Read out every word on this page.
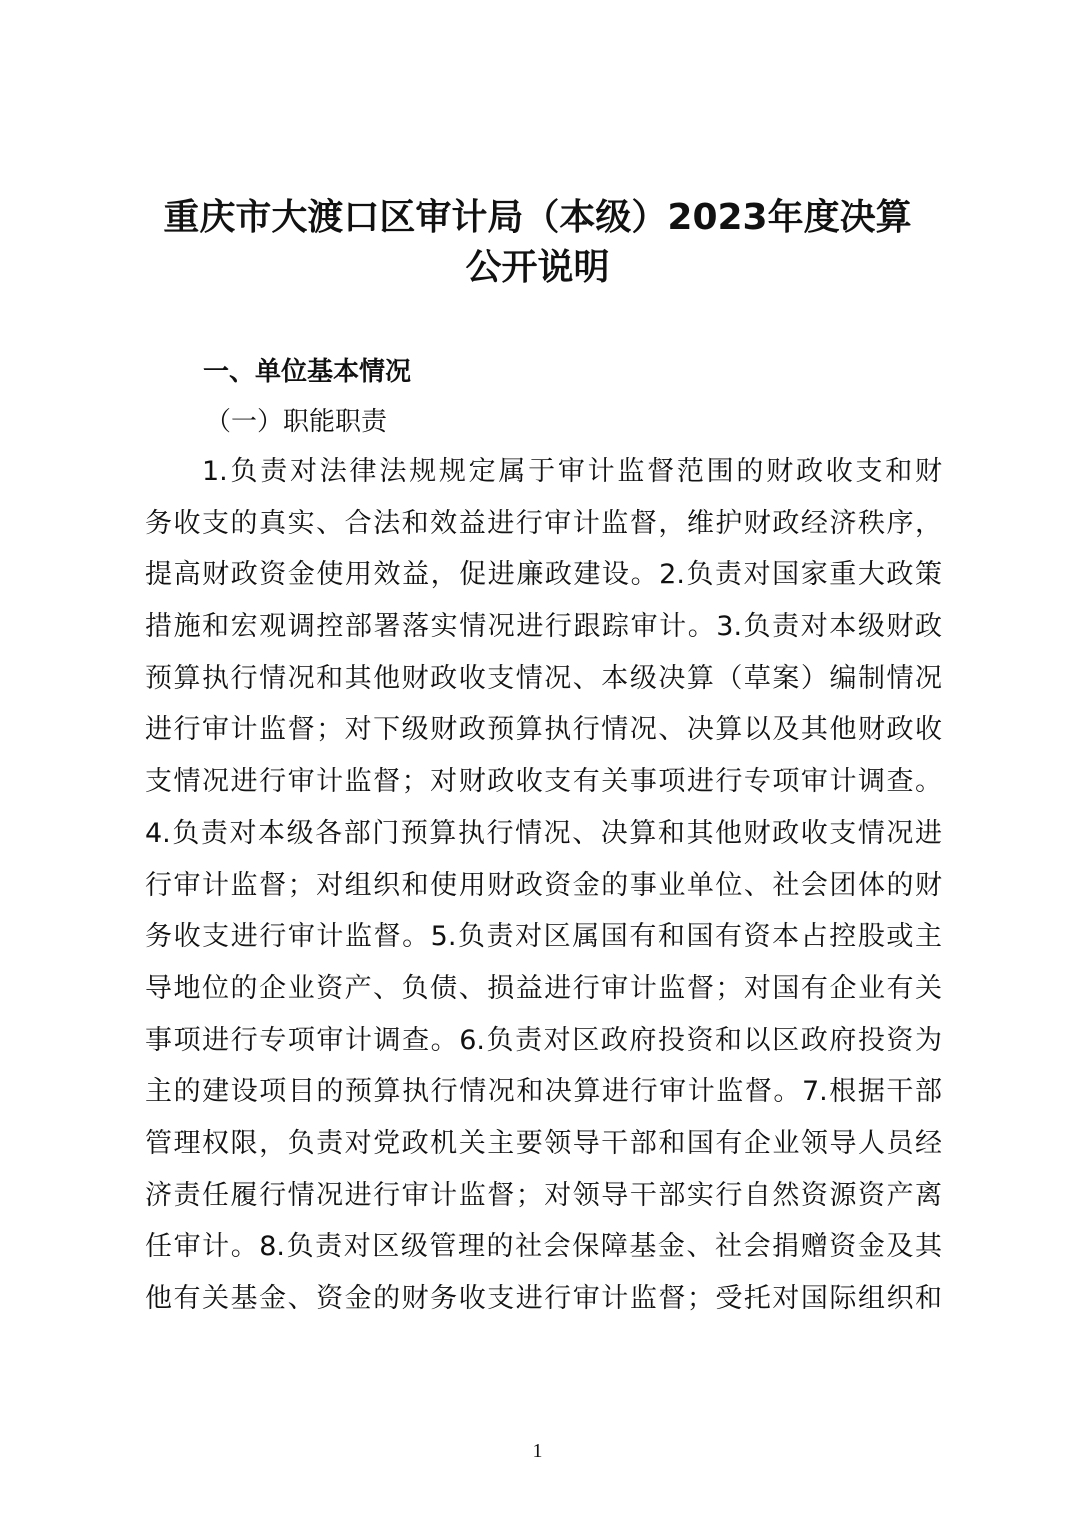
重庆市大渡口区审计局（本级）2023年度决算
公开说明
一、单位基本情况
（一）职能职责
1.负责对法律法规规定属于审计监督范围的财政收支和财
务收支的真实、合法和效益进行审计监督，维护财政经济秩序，
提高财政资金使用效益，促进廉政建设。2.负责对国家重大政策
措施和宏观调控部署落实情况进行跟踪审计。3.负责对本级财政
预算执行情况和其他财政收支情况、本级决算（草案）编制情况
进行审计监督；对下级财政预算执行情况、决算以及其他财政收
支情况进行审计监督；对财政收支有关事项进行专项审计调查。
4.负责对本级各部门预算执行情况、决算和其他财政收支情况进
行审计监督；对组织和使用财政资金的事业单位、社会团体的财
务收支进行审计监督。5.负责对区属国有和国有资本占控股或主
导地位的企业资产、负债、损益进行审计监督；对国有企业有关
事项进行专项审计调查。6.负责对区政府投资和以区政府投资为
主的建设项目的预算执行情况和决算进行审计监督。7.根据干部
管理权限，负责对党政机关主要领导干部和国有企业领导人员经
济责任履行情况进行审计监督；对领导干部实行自然资源资产离
任审计。8.负责对区级管理的社会保障基金、社会捐赠资金及其
他有关基金、资金的财务收支进行审计监督；受托对国际组织和
1
